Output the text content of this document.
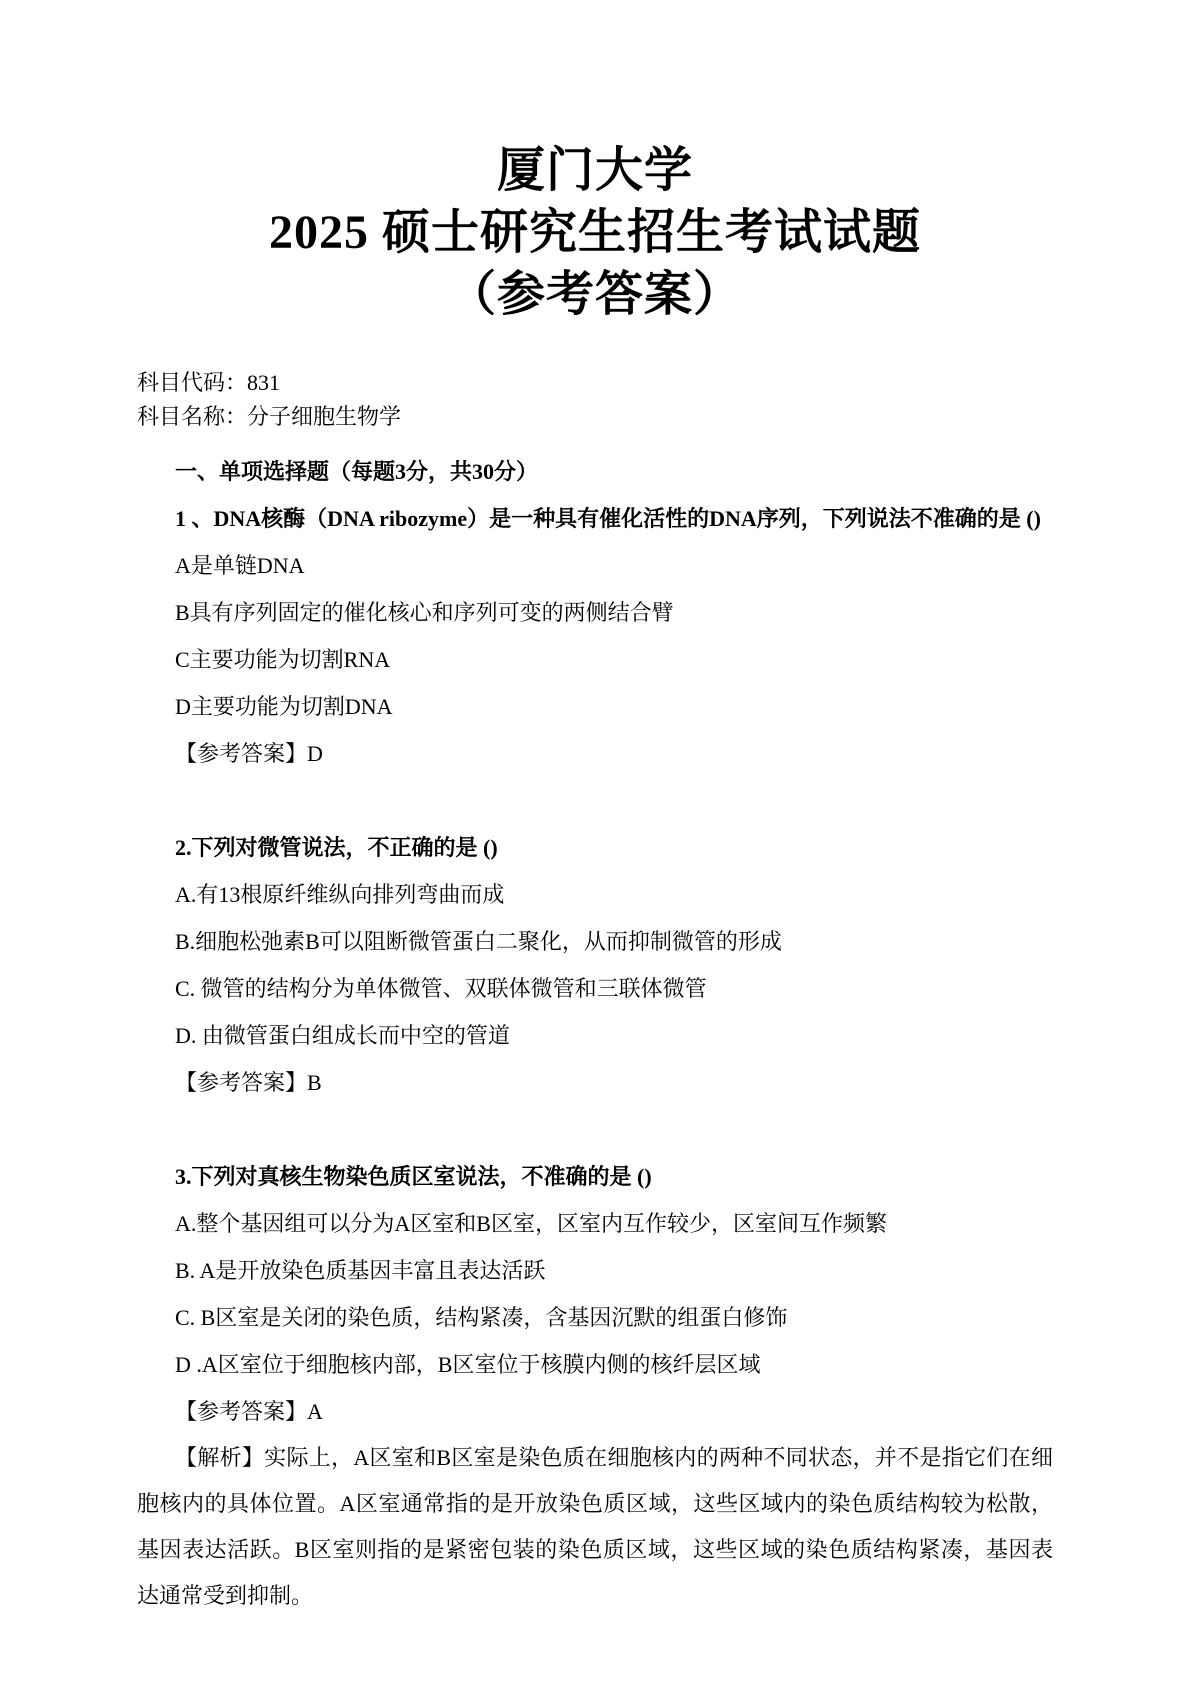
厦门大学
2025 硕士研究生招生考试试题
（参考答案）

科目代码：831

科目名称：分子细胞生物学

一、单项选择题（每题3分，共30分）

1 、DNA核酶（DNA ribozyme）是一种具有催化活性的DNA序列，下列说法不准确的是 ()

A是单链DNA

B具有序列固定的催化核心和序列可变的两侧结合臂

C主要功能为切割RNA

D主要功能为切割DNA

【参考答案】D

2.下列对微管说法，不正确的是 ()

A.有13根原纤维纵向排列弯曲而成

B.细胞松弛素B可以阻断微管蛋白二聚化，从而抑制微管的形成

C. 微管的结构分为单体微管、双联体微管和三联体微管

D. 由微管蛋白组成长而中空的管道

【参考答案】B

3.下列对真核生物染色质区室说法，不准确的是 ()

A.整个基因组可以分为A区室和B区室，区室内互作较少，区室间互作频繁

B. A是开放染色质基因丰富且表达活跃

C. B区室是关闭的染色质，结构紧凑，含基因沉默的组蛋白修饰

D .A区室位于细胞核内部，B区室位于核膜内侧的核纤层区域

【参考答案】A

【解析】实际上，A区室和B区室是染色质在细胞核内的两种不同状态，并不是指它们在细胞核内的具体位置。A区室通常指的是开放染色质区域，这些区域内的染色质结构较为松散，基因表达活跃。B区室则指的是紧密包装的染色质区域，这些区域的染色质结构紧凑，基因表达通常受到抑制。
